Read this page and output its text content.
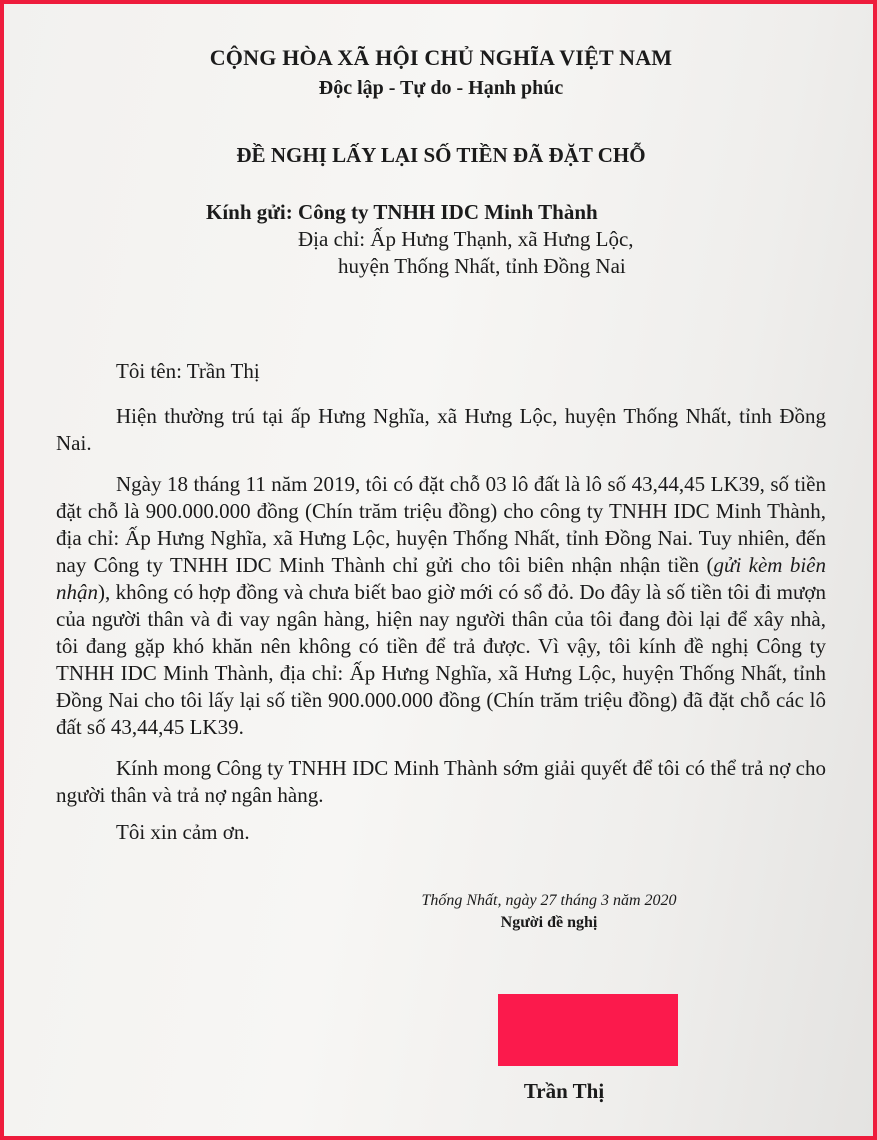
CỘNG HÒA XÃ HỘI CHỦ NGHĨA VIỆT NAM
Độc lập - Tự do - Hạnh phúc
ĐỀ NGHỊ LẤY LẠI SỐ TIỀN ĐÃ ĐẶT CHỖ
Kính gửi: Công ty TNHH IDC Minh Thành
Địa chỉ: Ấp Hưng Thạnh, xã Hưng Lộc,
huyện Thống Nhất, tỉnh Đồng Nai

Tôi tên: Trần Thị

Hiện thường trú tại ấp Hưng Nghĩa, xã Hưng Lộc, huyện Thống Nhất, tỉnh Đồng Nai.

Ngày 18 tháng 11 năm 2019, tôi có đặt chỗ 03 lô đất là lô số 43,44,45 LK39, số tiền đặt chỗ là 900.000.000 đồng (Chín trăm triệu đồng) cho công ty TNHH IDC Minh Thành, địa chỉ: Ấp Hưng Nghĩa, xã Hưng Lộc, huyện Thống Nhất, tỉnh Đồng Nai. Tuy nhiên, đến nay Công ty TNHH IDC Minh Thành chỉ gửi cho tôi biên nhận nhận tiền (gửi kèm biên nhận), không có hợp đồng và chưa biết bao giờ mới có sổ đỏ. Do đây là số tiền tôi đi mượn của người thân và đi vay ngân hàng, hiện nay người thân của tôi đang đòi lại để xây nhà, tôi đang gặp khó khăn nên không có tiền để trả được. Vì vậy, tôi kính đề nghị Công ty TNHH IDC Minh Thành, địa chỉ: Ấp Hưng Nghĩa, xã Hưng Lộc, huyện Thống Nhất, tỉnh Đồng Nai cho tôi lấy lại số tiền 900.000.000 đồng (Chín trăm triệu đồng) đã đặt chỗ các lô đất số 43,44,45 LK39.

Kính mong Công ty TNHH IDC Minh Thành sớm giải quyết để tôi có thể trả nợ cho người thân và trả nợ ngân hàng.

Tôi xin cảm ơn.
Thống Nhất, ngày 27 tháng 3 năm 2020
Người đề nghị
Trần Thị
